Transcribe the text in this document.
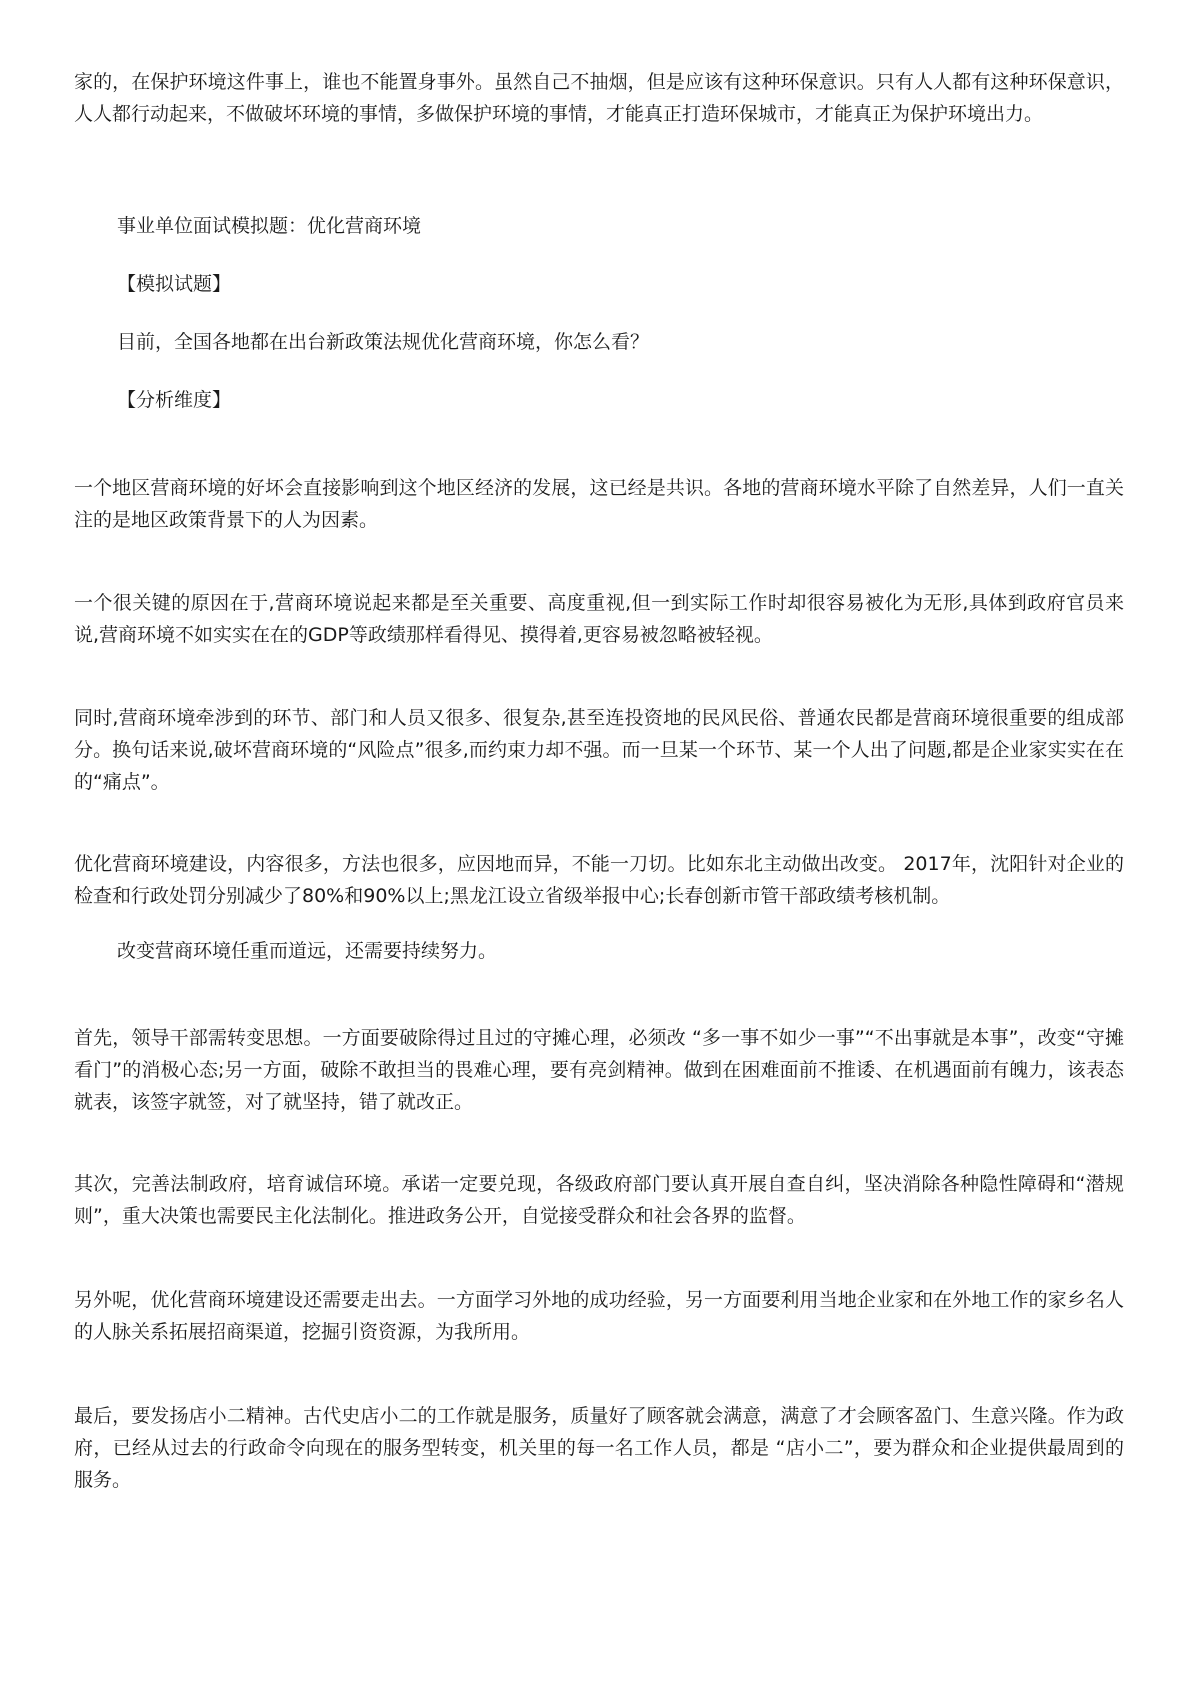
家的，在保护环境这件事上，谁也不能置身事外。虽然自己不抽烟，但是应该有这种环保意识。只有人人都有这种环保意识，人人都行动起来，不做破坏环境的事情，多做保护环境的事情，才能真正打造环保城市，才能真正为保护环境出力。

事业单位面试模拟题：优化营商环境

【模拟试题】

目前，全国各地都在出台新政策法规优化营商环境，你怎么看？

【分析维度】

一个地区营商环境的好坏会直接影响到这个地区经济的发展，这已经是共识。各地的营商环境水平除了自然差异，人们一直关注的是地区政策背景下的人为因素。

一个很关键的原因在于,营商环境说起来都是至关重要、高度重视,但一到实际工作时却很容易被化为无形,具体到政府官员来说,营商环境不如实实在在的GDP等政绩那样看得见、摸得着,更容易被忽略被轻视。

同时,营商环境牵涉到的环节、部门和人员又很多、很复杂,甚至连投资地的民风民俗、普通农民都是营商环境很重要的组成部分。换句话来说,破坏营商环境的“风险点”很多,而约束力却不强。而一旦某一个环节、某一个人出了问题,都是企业家实实在在的“痛点”。

优化营商环境建设，内容很多，方法也很多，应因地而异，不能一刀切。比如东北主动做出改变。 2017年，沈阳针对企业的检查和行政处罚分别减少了80%和90%以上;黑龙江设立省级举报中心;长春创新市管干部政绩考核机制。

改变营商环境任重而道远，还需要持续努力。

首先，领导干部需转变思想。一方面要破除得过且过的守摊心理，必须改 “多一事不如少一事”“不出事就是本事”，改变“守摊看门”的消极心态;另一方面，破除不敢担当的畏难心理，要有亮剑精神。做到在困难面前不推诿、在机遇面前有魄力，该表态就表，该签字就签，对了就坚持，错了就改正。

其次，完善法制政府，培育诚信环境。承诺一定要兑现，各级政府部门要认真开展自查自纠，坚决消除各种隐性障碍和“潜规则”，重大决策也需要民主化法制化。推进政务公开，自觉接受群众和社会各界的监督。

另外呢，优化营商环境建设还需要走出去。一方面学习外地的成功经验，另一方面要利用当地企业家和在外地工作的家乡名人的人脉关系拓展招商渠道，挖掘引资资源，为我所用。

最后，要发扬店小二精神。古代史店小二的工作就是服务，质量好了顾客就会满意，满意了才会顾客盈门、生意兴隆。作为政府，已经从过去的行政命令向现在的服务型转变，机关里的每一名工作人员，都是 “店小二”，要为群众和企业提供最周到的服务。
